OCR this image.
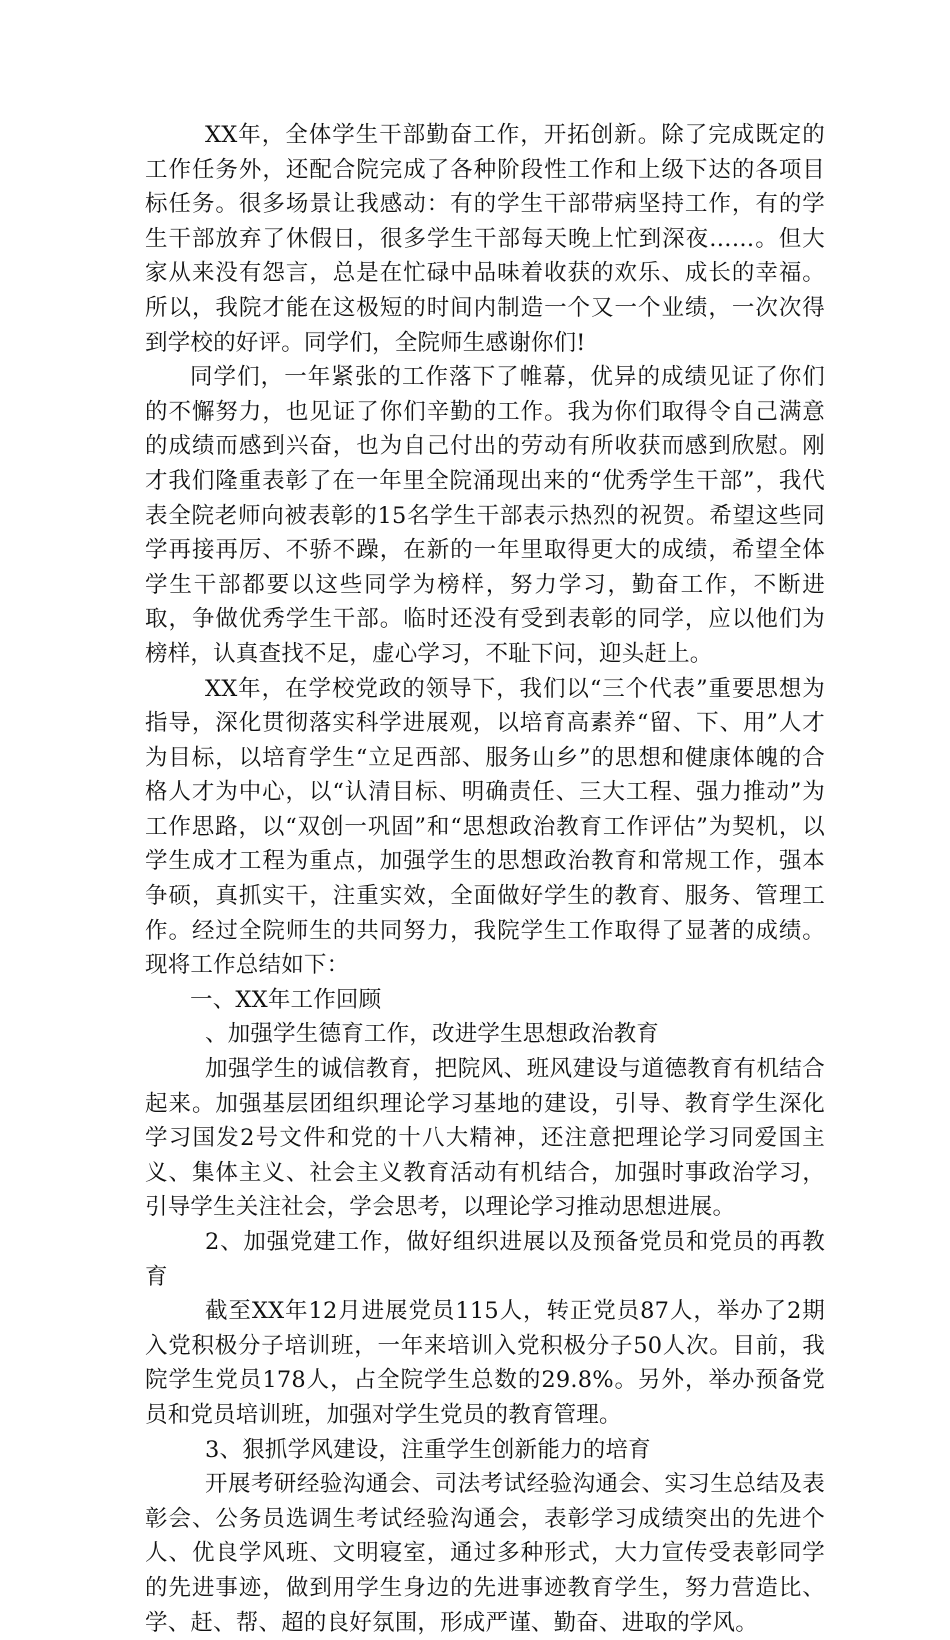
XX年，全体学生干部勤奋工作，开拓创新。除了完成既定的工作任务外，还配合院完成了各种阶段性工作和上级下达的各项目标任务。很多场景让我感动：有的学生干部带病坚持工作，有的学生干部放弃了休假日，很多学生干部每天晚上忙到深夜……。但大家从来没有怨言，总是在忙碌中品味着收获的欢乐、成长的幸福。所以，我院才能在这极短的时间内制造一个又一个业绩，一次次得到学校的好评。同学们，全院师生感谢你们!

同学们，一年紧张的工作落下了帷幕，优异的成绩见证了你们的不懈努力，也见证了你们辛勤的工作。我为你们取得令自己满意的成绩而感到兴奋，也为自己付出的劳动有所收获而感到欣慰。刚才我们隆重表彰了在一年里全院涌现出来的“优秀学生干部”，我代表全院老师向被表彰的15名学生干部表示热烈的祝贺。希望这些同学再接再厉、不骄不躁，在新的一年里取得更大的成绩，希望全体学生干部都要以这些同学为榜样，努力学习，勤奋工作，不断进取，争做优秀学生干部。临时还没有受到表彰的同学，应以他们为榜样，认真查找不足，虚心学习，不耻下问，迎头赶上。

XX年，在学校党政的领导下，我们以“三个代表”重要思想为指导，深化贯彻落实科学进展观，以培育高素养“留、下、用”人才为目标，以培育学生“立足西部、服务山乡”的思想和健康体魄的合格人才为中心，以“认清目标、明确责任、三大工程、强力推动”为工作思路，以“双创一巩固”和“思想政治教育工作评估”为契机，以学生成才工程为重点，加强学生的思想政治教育和常规工作，强本争硕，真抓实干，注重实效，全面做好学生的教育、服务、管理工作。经过全院师生的共同努力，我院学生工作取得了显著的成绩。现将工作总结如下：

一、XX年工作回顾

、加强学生德育工作，改进学生思想政治教育

加强学生的诚信教育，把院风、班风建设与道德教育有机结合起来。加强基层团组织理论学习基地的建设，引导、教育学生深化学习国发2号文件和党的十八大精神，还注意把理论学习同爱国主义、集体主义、社会主义教育活动有机结合，加强时事政治学习，引导学生关注社会，学会思考，以理论学习推动思想进展。

2、加强党建工作，做好组织进展以及预备党员和党员的再教育

截至XX年12月进展党员115人，转正党员87人，举办了2期入党积极分子培训班，一年来培训入党积极分子50人次。目前，我院学生党员178人，占全院学生总数的29.8%。另外，举办预备党员和党员培训班，加强对学生党员的教育管理。

3、狠抓学风建设，注重学生创新能力的培育

开展考研经验沟通会、司法考试经验沟通会、实习生总结及表彰会、公务员选调生考试经验沟通会，表彰学习成绩突出的先进个人、优良学风班、文明寝室，通过多种形式，大力宣传受表彰同学的先进事迹，做到用学生身边的先进事迹教育学生，努力营造比、学、赶、帮、超的良好氛围，形成严谨、勤奋、进取的学风。
